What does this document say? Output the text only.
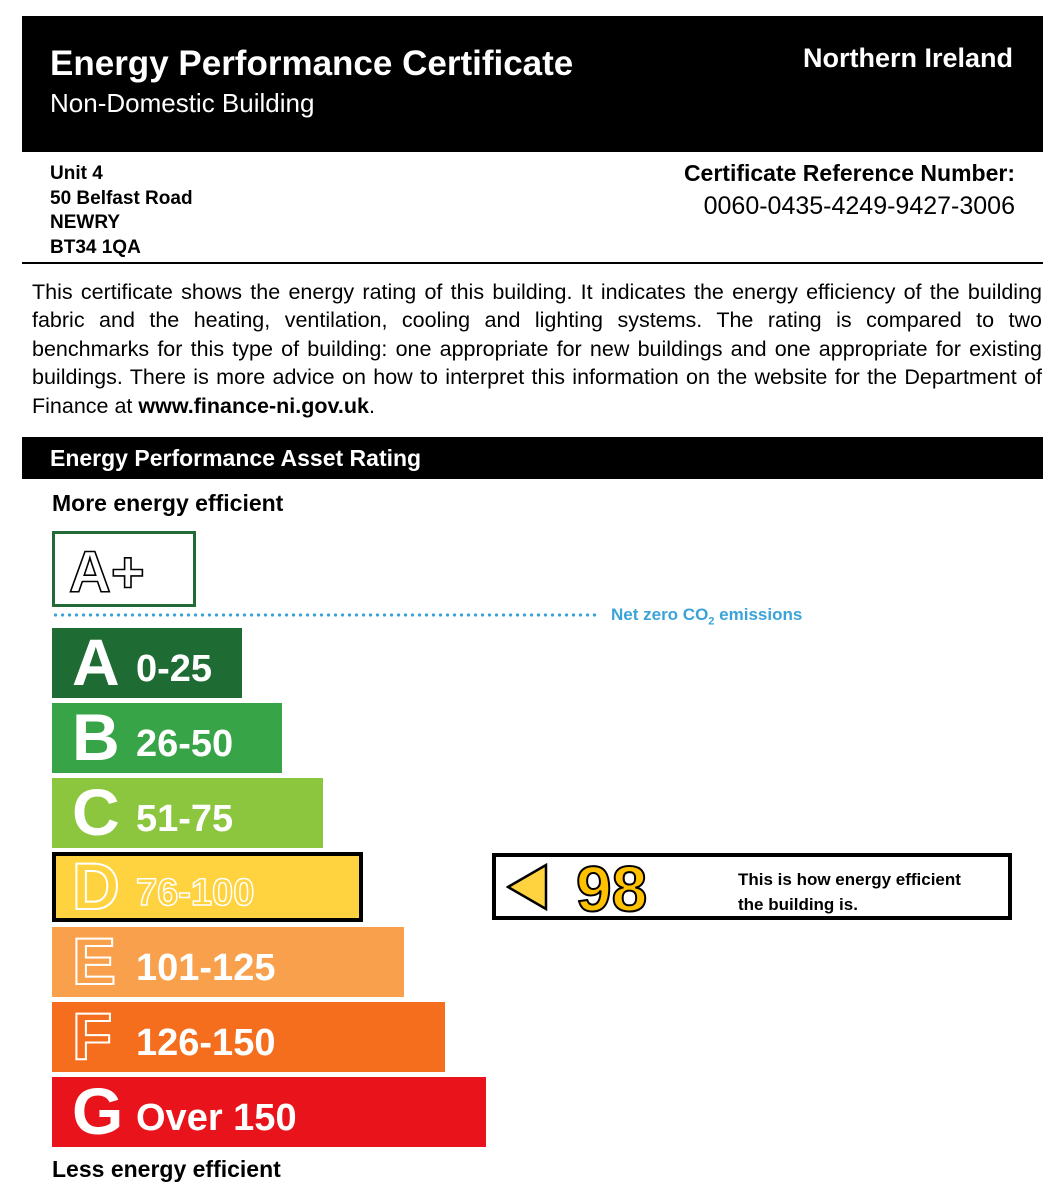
Energy Performance Certificate
Non-Domestic Building
Northern Ireland
Unit 4
50 Belfast Road
NEWRY
BT34 1QA
Certificate Reference Number:
0060-0435-4249-9427-3006
This certificate shows the energy rating of this building. It indicates the energy efficiency of the building fabric and the heating, ventilation, cooling and lighting systems. The rating is compared to two benchmarks for this type of building: one appropriate for new buildings and one appropriate for existing buildings. There is more advice on how to interpret this information on the website for the Department of Finance at www.finance-ni.gov.uk.
Energy Performance Asset Rating
More energy efficient
A+
Net zero $CO_2$ emissions
A 0-25
B 26-50
C 51-75
D 76-100
E 101-125
F 126-150
G Over 150
98	This is how energy efficient
the building is.
Less energy efficient
